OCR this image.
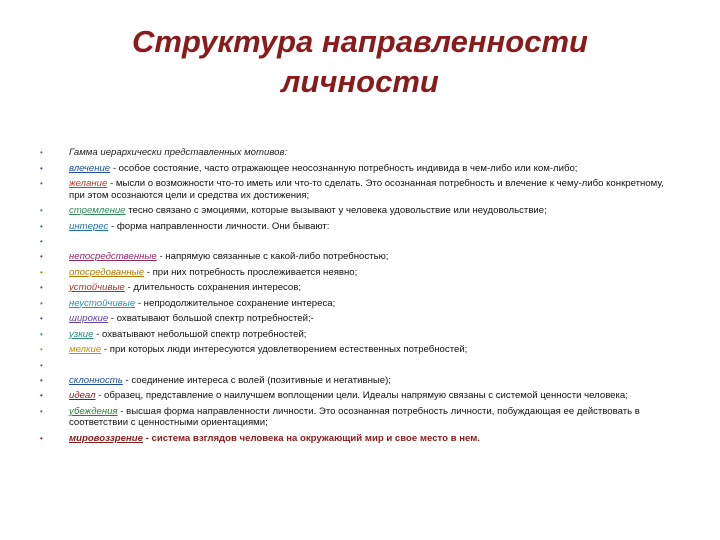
Структура направленности
личности
•	Гамма иерархически представленных мотивов:
•	влечение - особое состояние, часто отражающее неосознанную потребность индивида в чем-либо или ком-либо;
•	желание - мысли о возможности что-то иметь или что-то сделать. Это осознанная потребность и влечение к чему-либо конкретному, при этом осознаются цели и средства их достижения;
•	стремление тесно связано с эмоциями, которые вызывают у человека удовольствие или неудовольствие;
•	интерес - форма направленности личности. Они бывают:
•
•	непосредственные - напрямую связанные с какой-либо потребностью;
•	опосредованные - при них потребность прослеживается неявно;
•	устойчивые - длительность сохранения интересов;
•	неустойчивые - непродолжительное сохранение интереса;
•	широкие - охватывают большой спектр потребностей;-
•	узкие - охватывают небольшой спектр потребностей;
•	мелкие - при которых люди интересуются удовлетворением естественных потребностей;
•
•	склонность - соединение интереса с волей (позитивные и негативные);
•	идеал - образец, представление о наилучшем воплощении цели. Идеалы напрямую связаны с системой ценности человека;
•	убеждения - высшая форма направленности личности. Это осознанная потребность личности, побуждающая ее действовать в соответствии с ценностными ориентациями;
•	мировоззрение - система взглядов человека на окружающий мир и свое место в нем.
